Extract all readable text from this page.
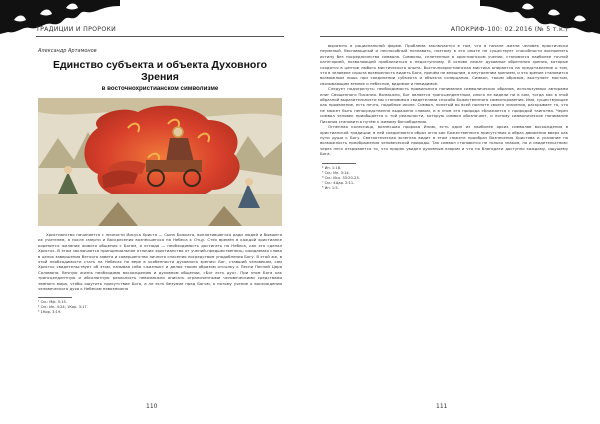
ТРАДИЦИИ И ПРОРОКИ
Александр Артамонов
Единство субъекта и объекта Духовного Зрения
в восточнохристианском символизме

Христианство начинается с личности Иисуса Христа — Сына Божьего, воплотившегося ради людей и бывшего их учителем, а после смерти и Воскресения вознёсшегося на Небеса к Отцу. Стех времён в каждой христианке коренится желание живого общения с Богом, а отсюда — необходимость достигать на Небеса, как это сделал Христос. В этом заключается принципиальное отличие христианства от учений-предшественниц: ожидаемая слава в целях завершения Ветхого завета и совершенство личного спасения посредством уподобления Богу. В этой же, в этой необходимости стать на Небесах на вере в особенности духовного зрения: Бог, ставший человеком, сам Христос свидетельствует об этом, называя себя «жизнью» и делая таким образом отсылку к Песни Песней Царя Соломона. Вечную жизнь необходимо восхождению и духовном общении, «Бог есть дух». При этом Бога как трансцендентную и абсолютную реальность невозможно описать ограниченными человеческими средствами земного мира, чтобы ощутить присутствие Бога, а не есть безумие пред Богом, а потому учение о восхождении человеческого духа к Небесам невозможно

¹ См.: Мф. 5:15.
² См.: Ин. 4:24; 1Кор. 3:17.
³ 1Кор. 3:19.
110
АПОКРИФ-100: 02.2016 (№ 5 т.к.)

выразить в рациональной форме. Проблема заключается в том, что в начале жизни человек практически неумелый, беспомощный и неспособный познавать, поэтому в его опыте не существует способности воспринять истину без посредничества символа. Символы, сплетенные в христианском учении, становятся наиболее точной категорией, позволяющей приблизиться к недоступному. В основе лежат духовные обретения зрения, которые сходятся в центре любого мистического опыта. Восточнохристианская мистика опирается на представление о том, что в человеке скрыта возможность видеть Бога, причём не внешним, а внутренним зрением, и это зрение становится возможным лишь при соединении субъекта и объекта созерцания. Символ, таким образом, выступает мостом, связывающим земное и небесное, видимое и невидимое.

Следует подчеркнуть: необходимость правильного понимания символических образов, используемых авторами книг Священного Писания. Возможно, Бог является трансцендентным, иного не видели ни в ком, тогда как в этой образной выразительности мы становимся свидетелями способа Божественного самооткровения. Имя, существующее как проявление, есть нечто, подобное иконе. Символ, понятый во всей полноте своего значения, раскрывает то, что не может быть непосредственно выражено словом, и в этом его природа сближается с природой таинства. Через символ человек приобщается к той реальности, которую символ обозначает, и потому символическое понимание Писания становится путём к живому богообщению.

Огненная колесница, вознёсшая пророка Илию, есть один из наиболее ярких символов восхождения в христианской традиции: в ней соединяются образ огня как Божественного присутствия и образ движения вверх как пути души к Богу. Святоотеческая экзегеза видит в этом сюжете прообраз Вознесения Христова и указание на возможность преображения человеческой природы. Так символ становится не только знаком, но и свидетельством: через него открывается то, что пророк увидел духовным взором и что по благодати доступно каждому, ищущему Бога.

⁴ Ин. 1:18.
⁵ См.: Ин. 3:14.
⁶ См.: Исх. 33:20-23.
⁷ См.: 4Цар. 2:11.
⁸ Ин. 1:5.
111
